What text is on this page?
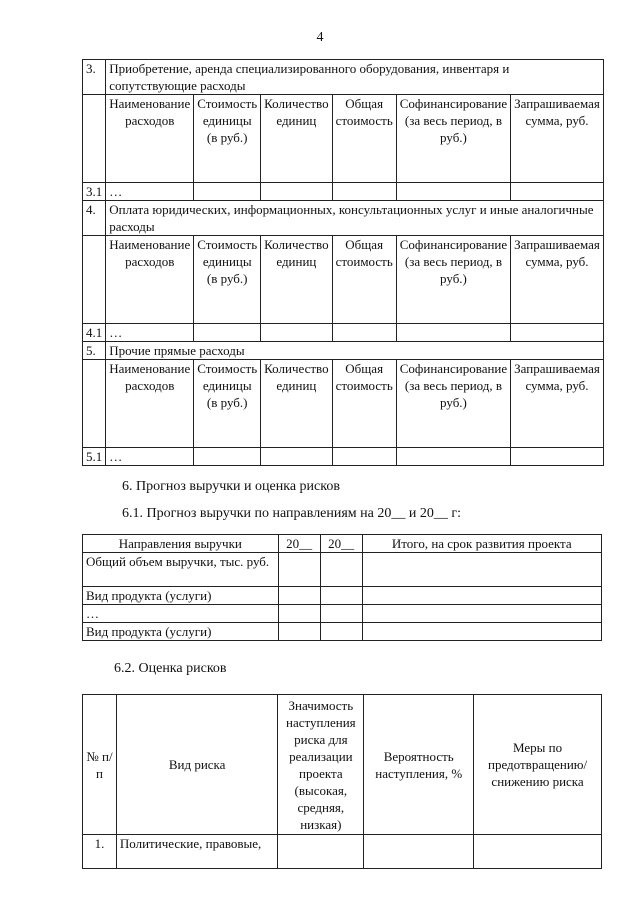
4
3.	Приобретение, аренда специализированного оборудования, инвентаря и сопутствующие расходы					
	Наименование расходов	Стоимость единицы (в руб.)	Количество единиц	Общая стоимость	Софинансирование (за весь период, в руб.)	Запрашиваемая сумма, руб.
3.1	…					
4.	Оплата юридических, информационных, консультационных услуг и иные аналогичные расходы					
	Наименование расходов	Стоимость единицы (в руб.)	Количество единиц	Общая стоимость	Софинансирование (за весь период, в руб.)	Запрашиваемая сумма, руб.
4.1	…					
5.	Прочие прямые расходы					
	Наименование расходов	Стоимость единицы (в руб.)	Количество единиц	Общая стоимость	Софинансирование (за весь период, в руб.)	Запрашиваемая сумма, руб.
5.1	…					
6. Прогноз выручки и оценка рисков
6.1. Прогноз выручки по направлениям на 20__ и 20__ г:
Направления выручки	20__	20__	Итого, на срок развития проекта
Общий объем выручки, тыс. руб.			
Вид продукта (услуги)			
…			
Вид продукта (услуги)			
6.2. Оценка рисков
№ п/п	Вид риска	Значимость наступления риска для реализации проекта (высокая, средняя, низкая)	Вероятность наступления, %	Меры по предотвращению/ снижению риска
1.	Политические, правовые,			
